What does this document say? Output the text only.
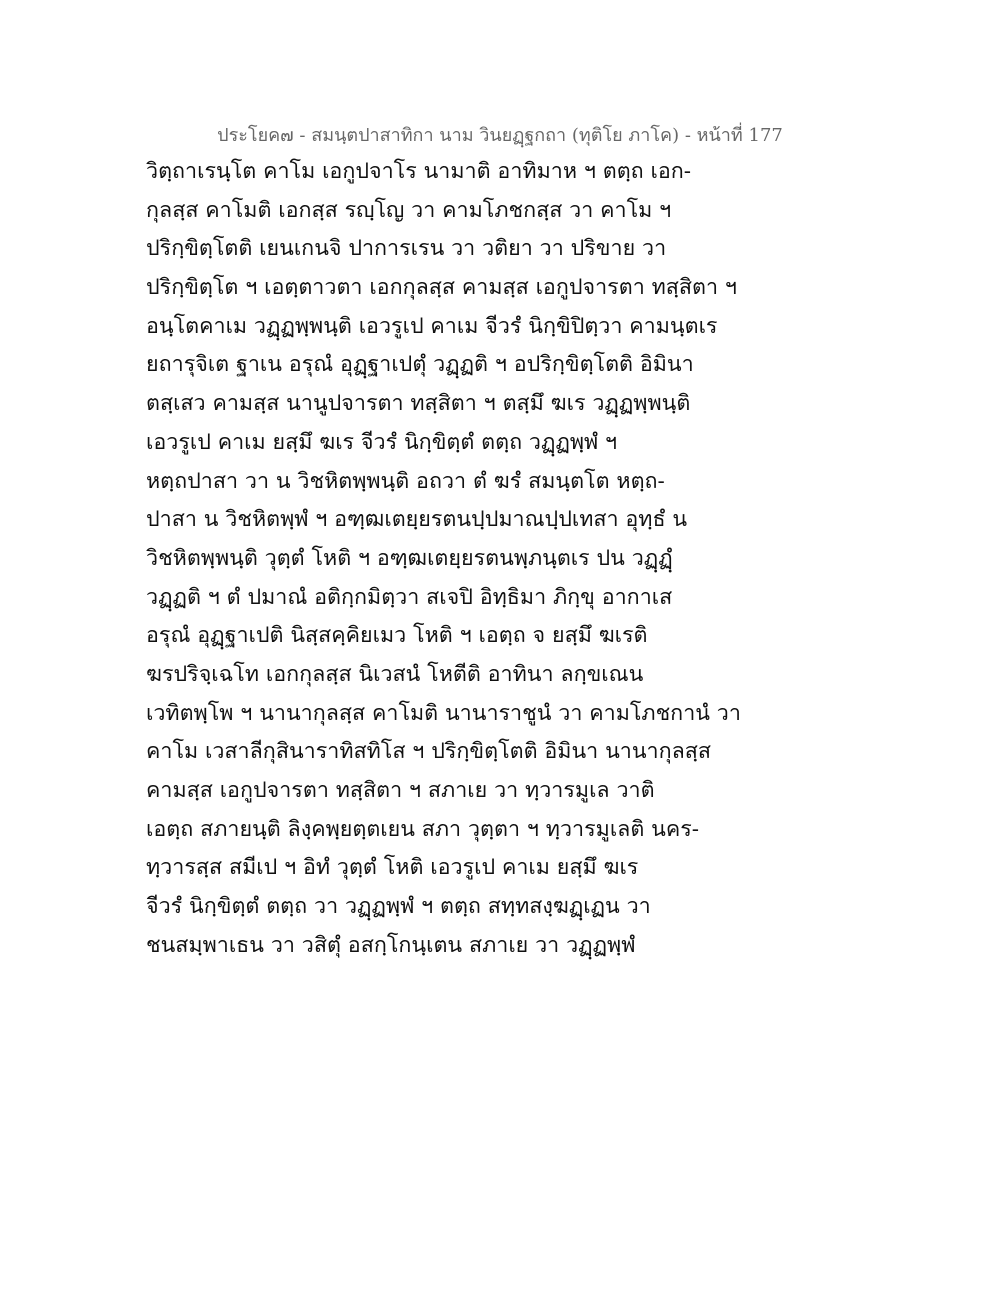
ประโยค๗ - สมนฺตปาสาทิกา นาม วินยฏฺฐกถา (ทุติโย ภาโค) - หน้าที่ 177
วิตฺถาเรนฺโต คาโม เอกูปจาโร นามาติ อาทิมาห ฯ ตตฺถ เอก-
กุลสฺส คาโมติ เอกสฺส รญฺโญ วา คามโภชกสฺส วา คาโม ฯ
ปริกฺขิตฺโตติ เยนเกนจิ ปาการเรน วา วติยา วา ปริขาย วา
ปริกฺขิตฺโต ฯ เอตฺตาวตา เอกกุลสฺส คามสฺส เอกูปจารตา ทสฺสิตา ฯ
อนฺโตคาเม วฏฺฏพฺพนฺติ เอวรูเป คาเม จีวรํ นิกฺขิปิตฺวา คามนฺตเร
ยถารุจิเต ฐาเน อรุณํ อุฏฺฐาเปตุํ วฏฺฏติ ฯ อปริกฺขิตฺโตติ อิมินา
ตสฺเสว คามสฺส นานูปจารตา ทสฺสิตา ฯ ตสฺมึ ฆเร วฏฺฏพฺพนฺติ
เอวรูเป คาเม ยสฺมึ ฆเร จีวรํ นิกฺขิตฺตํ ตตฺถ วฏฺฏพฺพํ ฯ
หตฺถปาสา วา น วิชหิตพฺพนฺติ อถวา ตํ ฆรํ สมนฺตโต หตฺถ-
ปาสา น วิชหิตพฺพํ ฯ อฑฺฒเตยฺยรตนปฺปมาณปฺปเทสา อุทฺธํ น
วิชหิตพฺพนฺติ วุตฺตํ โหติ ฯ อฑฺฒเตยฺยรตนพฺภนฺตเร ปน วฏฺฏฺํ
วฏฺฏติ ฯ ตํ ปมาณํ อติกฺกมิตฺวา สเจปิ อิทฺธิมา ภิกฺขุ อากาเส
อรุณํ อุฏฺฐาเปติ นิสฺสคฺคิยเมว โหติ ฯ เอตฺถ จ ยสฺมึ ฆเรติ
ฆรปริจฺเฉโท เอกกุลสฺส นิเวสนํ โหตีติ อาทินา ลกฺขเณน
เวทิตพฺโพ ฯ นานากุลสฺส คาโมติ นานาราชูนํ วา คามโภชกานํ วา
คาโม เวสาลีกุสินาราทิสทิโส ฯ ปริกฺขิตฺโตติ อิมินา นานากุลสฺส
คามสฺส เอกูปจารตา ทสฺสิตา ฯ สภาเย วา ทฺวารมูเล วาติ
เอตฺถ สภายนฺติ ลิงฺคพฺยตฺตเยน สภา วุตฺตา ฯ ทฺวารมูเลติ นคร-
ทฺวารสฺส สมีเป ฯ อิทํ วุตฺตํ โหติ เอวรูเป คาเม ยสฺมึ ฆเร
จีวรํ นิกฺขิตฺตํ ตตฺถ วา วฏฺฏพฺพํ ฯ ตตฺถ สทฺทสงฺฆฏฺเฏน วา
ชนสมฺพาเธน วา วสิตุํ อสกฺโกนฺเตน สภาเย วา วฏฺฏพฺพํ
